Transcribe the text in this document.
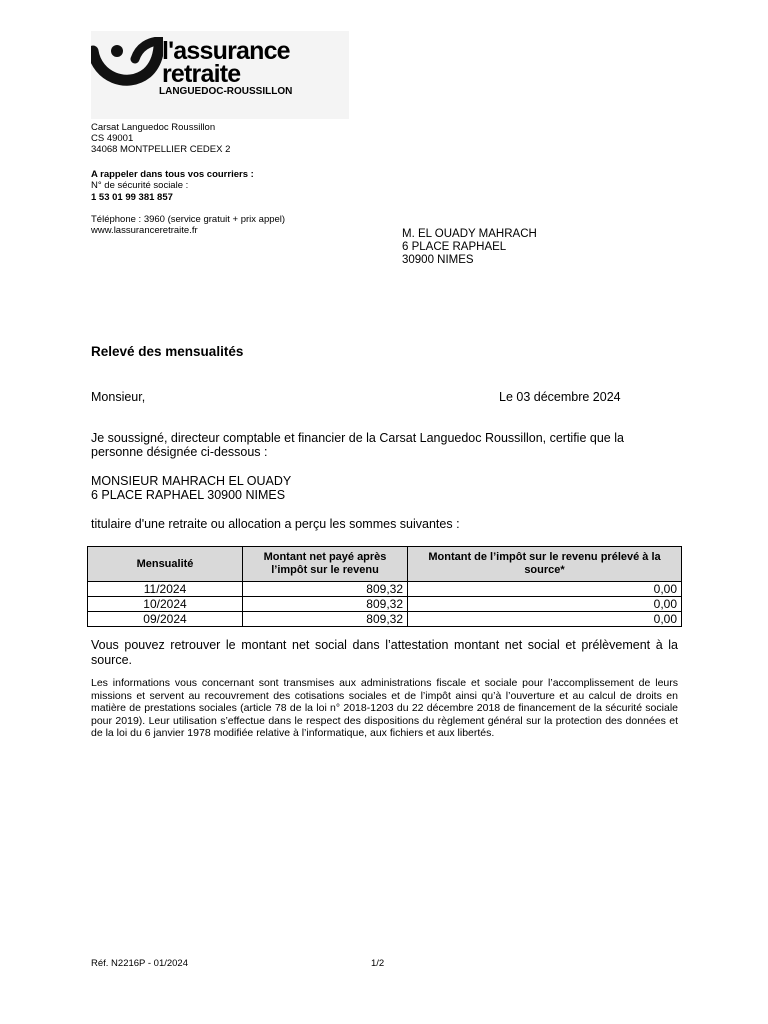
l'assurance
retraite
LANGUEDOC-ROUSSILLON
Carsat Languedoc Roussillon
CS 49001
34068 MONTPELLIER CEDEX 2
A rappeler dans tous vos courriers :
N° de sécurité sociale :
1 53 01 99 381 857
Téléphone : 3960 (service gratuit + prix appel)
www.lassuranceretraite.fr	M. EL OUADY MAHRACH
6 PLACE RAPHAEL
30900 NIMES
Relevé des mensualités
Monsieur,	Le 03 décembre 2024
Je soussigné, directeur comptable et financier de la Carsat Languedoc Roussillon, certifie que la
personne désignée ci-dessous :
MONSIEUR MAHRACH EL OUADY
6 PLACE RAPHAEL 30900 NIMES
titulaire d'une retraite ou allocation a perçu les sommes suivantes :
Mensualité	Montant net payé après l’impôt sur le revenu	Montant de l’impôt sur le revenu prélevé à la source*
11/2024	809,32	0,00
10/2024	809,32	0,00
09/2024	809,32	0,00
Vous pouvez retrouver le montant net social dans l’attestation montant net social et prélèvement à la source.
Les informations vous concernant sont transmises aux administrations fiscale et sociale pour l’accomplissement de leurs missions et servent au recouvrement des cotisations sociales et de l’impôt ainsi qu’à l’ouverture et au calcul de droits en matière de prestations sociales (article 78 de la loi n° 2018-1203 du 22 décembre 2018 de financement de la sécurité sociale pour 2019). Leur utilisation s’effectue dans le respect des dispositions du règlement général sur la protection des données et de la loi du 6 janvier 1978 modifiée relative à l’informatique, aux fichiers et aux libertés.
Réf. N2216P - 01/2024	1/2
